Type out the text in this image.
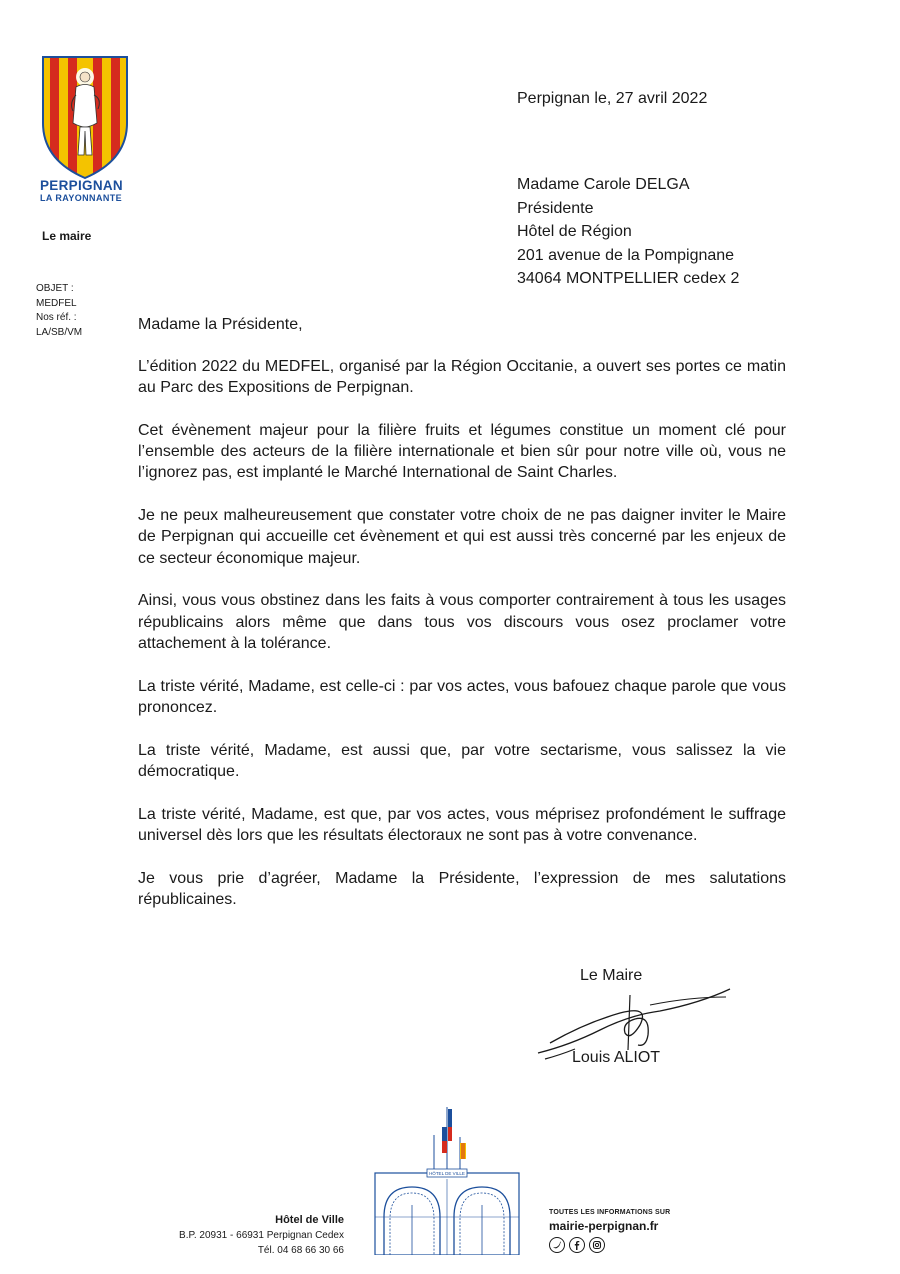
PERPIGNAN
LA RAYONNANTE
Le maire
OBJET :
MEDFEL
Nos réf. :
LA/SB/VM
Perpignan le, 27 avril 2022
Madame Carole DELGA
Présidente
Hôtel de Région
201 avenue de la Pompignane
34064 MONTPELLIER cedex 2
Madame la Présidente,

L’édition 2022 du MEDFEL, organisé par la Région Occitanie, a ouvert ses portes ce matin au Parc des Expositions de Perpignan.

Cet évènement majeur pour la filière fruits et légumes constitue un moment clé pour l’ensemble des acteurs de la filière internationale et bien sûr pour notre ville où, vous ne l’ignorez pas, est implanté le Marché International de Saint Charles.

Je ne peux malheureusement que constater votre choix de ne pas daigner inviter le Maire de Perpignan qui accueille cet évènement et qui est aussi très concerné par les enjeux de ce secteur économique majeur.

Ainsi, vous vous obstinez dans les faits à vous comporter contrairement à tous les usages républicains alors même que dans tous vos discours vous osez proclamer votre attachement à la tolérance.

La triste vérité, Madame, est celle-ci : par vos actes, vous bafouez chaque parole que vous prononcez.

La triste vérité, Madame, est aussi que, par votre sectarisme, vous salissez la vie démocratique.

La triste vérité, Madame, est que, par vos actes, vous méprisez profondément le suffrage universel dès lors que les résultats électoraux ne sont pas à votre convenance.

Je vous prie d’agréer, Madame la Présidente, l’expression de mes salutations républicaines.

Le Maire
Louis ALIOT
Hôtel de Ville
B.P. 20931 - 66931 Perpignan Cedex
Tél. 04 68 66 30 66
HÔTEL DE VILLE
TOUTES LES INFORMATIONS SUR
mairie-perpignan.fr
